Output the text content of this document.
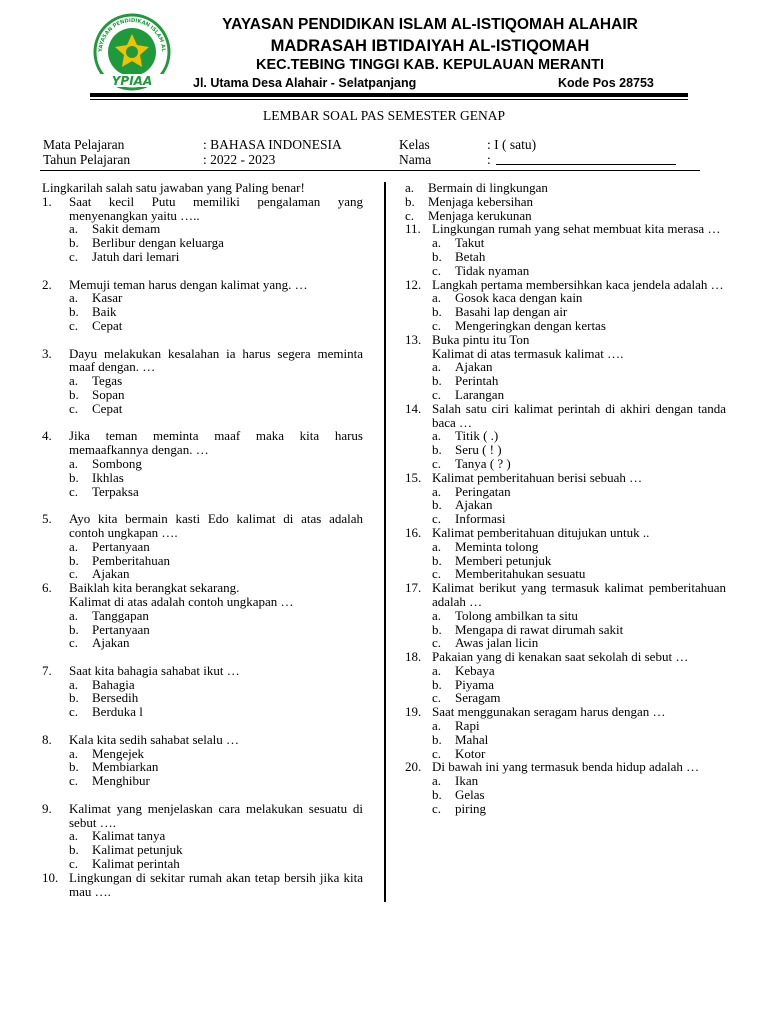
YAYASAN PENDIDIKAN ISLAM AL
YPIAA
YAYASAN PENDIDIKAN ISLAM AL-ISTIQOMAH ALAHAIR
MADRASAH IBTIDAIYAH AL-ISTIQOMAH
KEC.TEBING TINGGI KAB. KEPULAUAN MERANTI
Jl. Utama Desa Alahair - Selatpanjang	Kode Pos 28753
LEMBAR SOAL PAS SEMESTER GENAP
Mata Pelajaran	: BAHASA INDONESIA
Tahun Pelajaran	: 2022 - 2023
Kelas	: I ( satu)
Nama	:

Lingkarilah salah satu jawaban yang Paling benar!

1. Saat kecil Putu memiliki pengalaman yang menyenangkan yaitu …..
a. Sakit demam
b. Berlibur dengan keluarga
c. Jatuh dari lemari
2. Memuji teman harus dengan kalimat yang. …
a. Kasar
b. Baik
c. Cepat
3. Dayu melakukan kesalahan ia harus segera meminta maaf dengan. …
a. Tegas
b. Sopan
c. Cepat
4. Jika teman meminta maaf maka kita harus memaafkannya dengan. …
a. Sombong
b. Ikhlas
c. Terpaksa
5. Ayo kita bermain kasti Edo kalimat di atas adalah contoh ungkapan ….
a. Pertanyaan
b. Pemberitahuan
c. Ajakan
6. Baiklah kita berangkat sekarang.
Kalimat di atas adalah contoh ungkapan …
a. Tanggapan
b. Pertanyaan
c. Ajakan
7. Saat kita bahagia sahabat ikut …
a. Bahagia
b. Bersedih
c. Berduka l
8. Kala kita sedih sahabat selalu …
a. Mengejek
b. Membiarkan
c. Menghibur
9. Kalimat yang menjelaskan cara melakukan sesuatu di sebut ….
a. Kalimat tanya
b. Kalimat petunjuk
c. Kalimat perintah
10. Lingkungan di sekitar rumah akan tetap bersih jika kita mau ….
a. Bermain di lingkungan
b. Menjaga kebersihan
c. Menjaga kerukunan
11. Lingkungan rumah yang sehat membuat kita merasa …
a. Takut
b. Betah
c. Tidak nyaman
12. Langkah pertama membersihkan kaca jendela adalah …
a. Gosok kaca dengan kain
b. Basahi lap dengan air
c. Mengeringkan dengan kertas
13. Buka pintu itu Ton
Kalimat di atas termasuk kalimat ….
a. Ajakan
b. Perintah
c. Larangan
14. Salah satu ciri kalimat perintah di akhiri dengan tanda baca …
a. Titik ( .)
b. Seru ( ! )
c. Tanya ( ? )
15. Kalimat pemberitahuan berisi sebuah …
a. Peringatan
b. Ajakan
c. Informasi
16. Kalimat pemberitahuan ditujukan untuk ..
a. Meminta tolong
b. Memberi petunjuk
c. Memberitahukan sesuatu
17. Kalimat berikut yang termasuk kalimat pemberitahuan adalah …
a. Tolong ambilkan ta situ
b. Mengapa di rawat dirumah sakit
c. Awas jalan licin
18. Pakaian yang di kenakan saat sekolah di sebut …
a. Kebaya
b. Piyama
c. Seragam
19. Saat menggunakan seragam harus dengan …
a. Rapi
b. Mahal
c. Kotor
20. Di bawah ini yang termasuk benda hidup adalah …
a. Ikan
b. Gelas
c. piring
